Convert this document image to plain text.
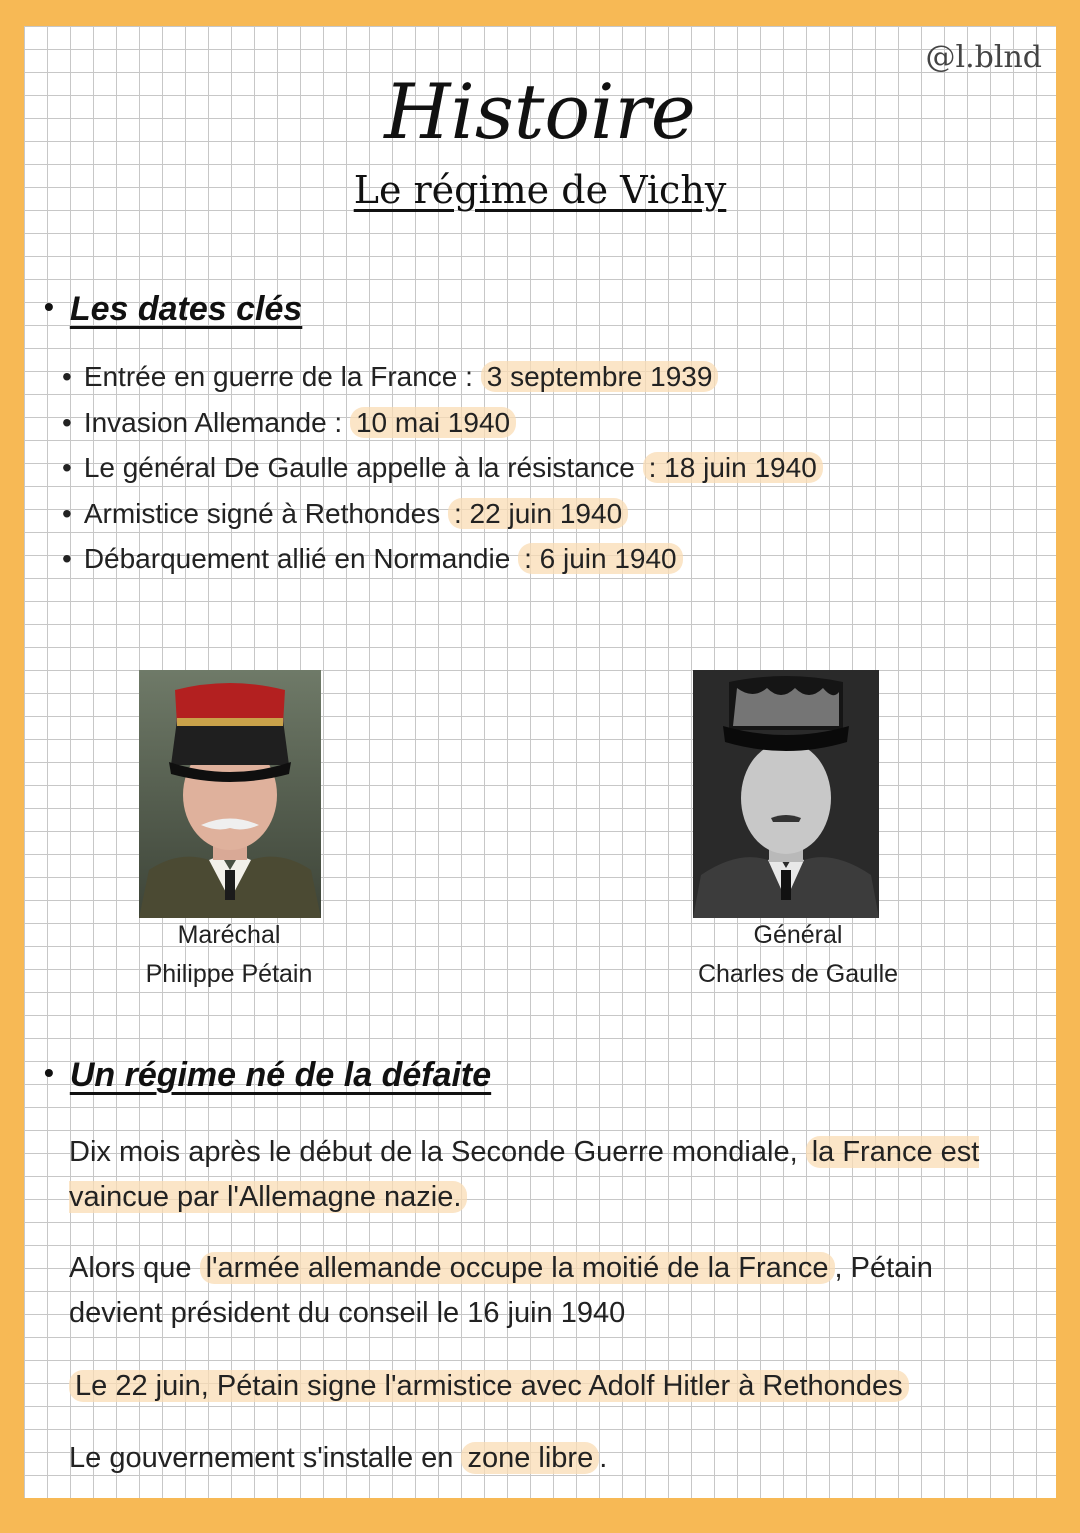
@l.blnd
Histoire
Le régime de Vichy
• Les dates clés
• Entrée en guerre de la France : 3 septembre 1939
• Invasion Allemande : 10 mai 1940
• Le général De Gaulle appelle à la résistance : 18 juin 1940
• Armistice signé à Rethondes : 22 juin 1940
• Débarquement allié en Normandie : 6 juin 1940
Maréchal
Philippe Pétain
Général
Charles de Gaulle
• Un régime né de la défaite
Dix mois après le début de la Seconde Guerre mondiale, la France est vaincue par l'Allemagne nazie.
Alors que l'armée allemande occupe la moitié de la France , Pétain devient président du conseil le 16 juin 1940
Le 22 juin, Pétain signe l'armistice avec Adolf Hitler à Rethondes
Le gouvernement s'installe en zone libre .
